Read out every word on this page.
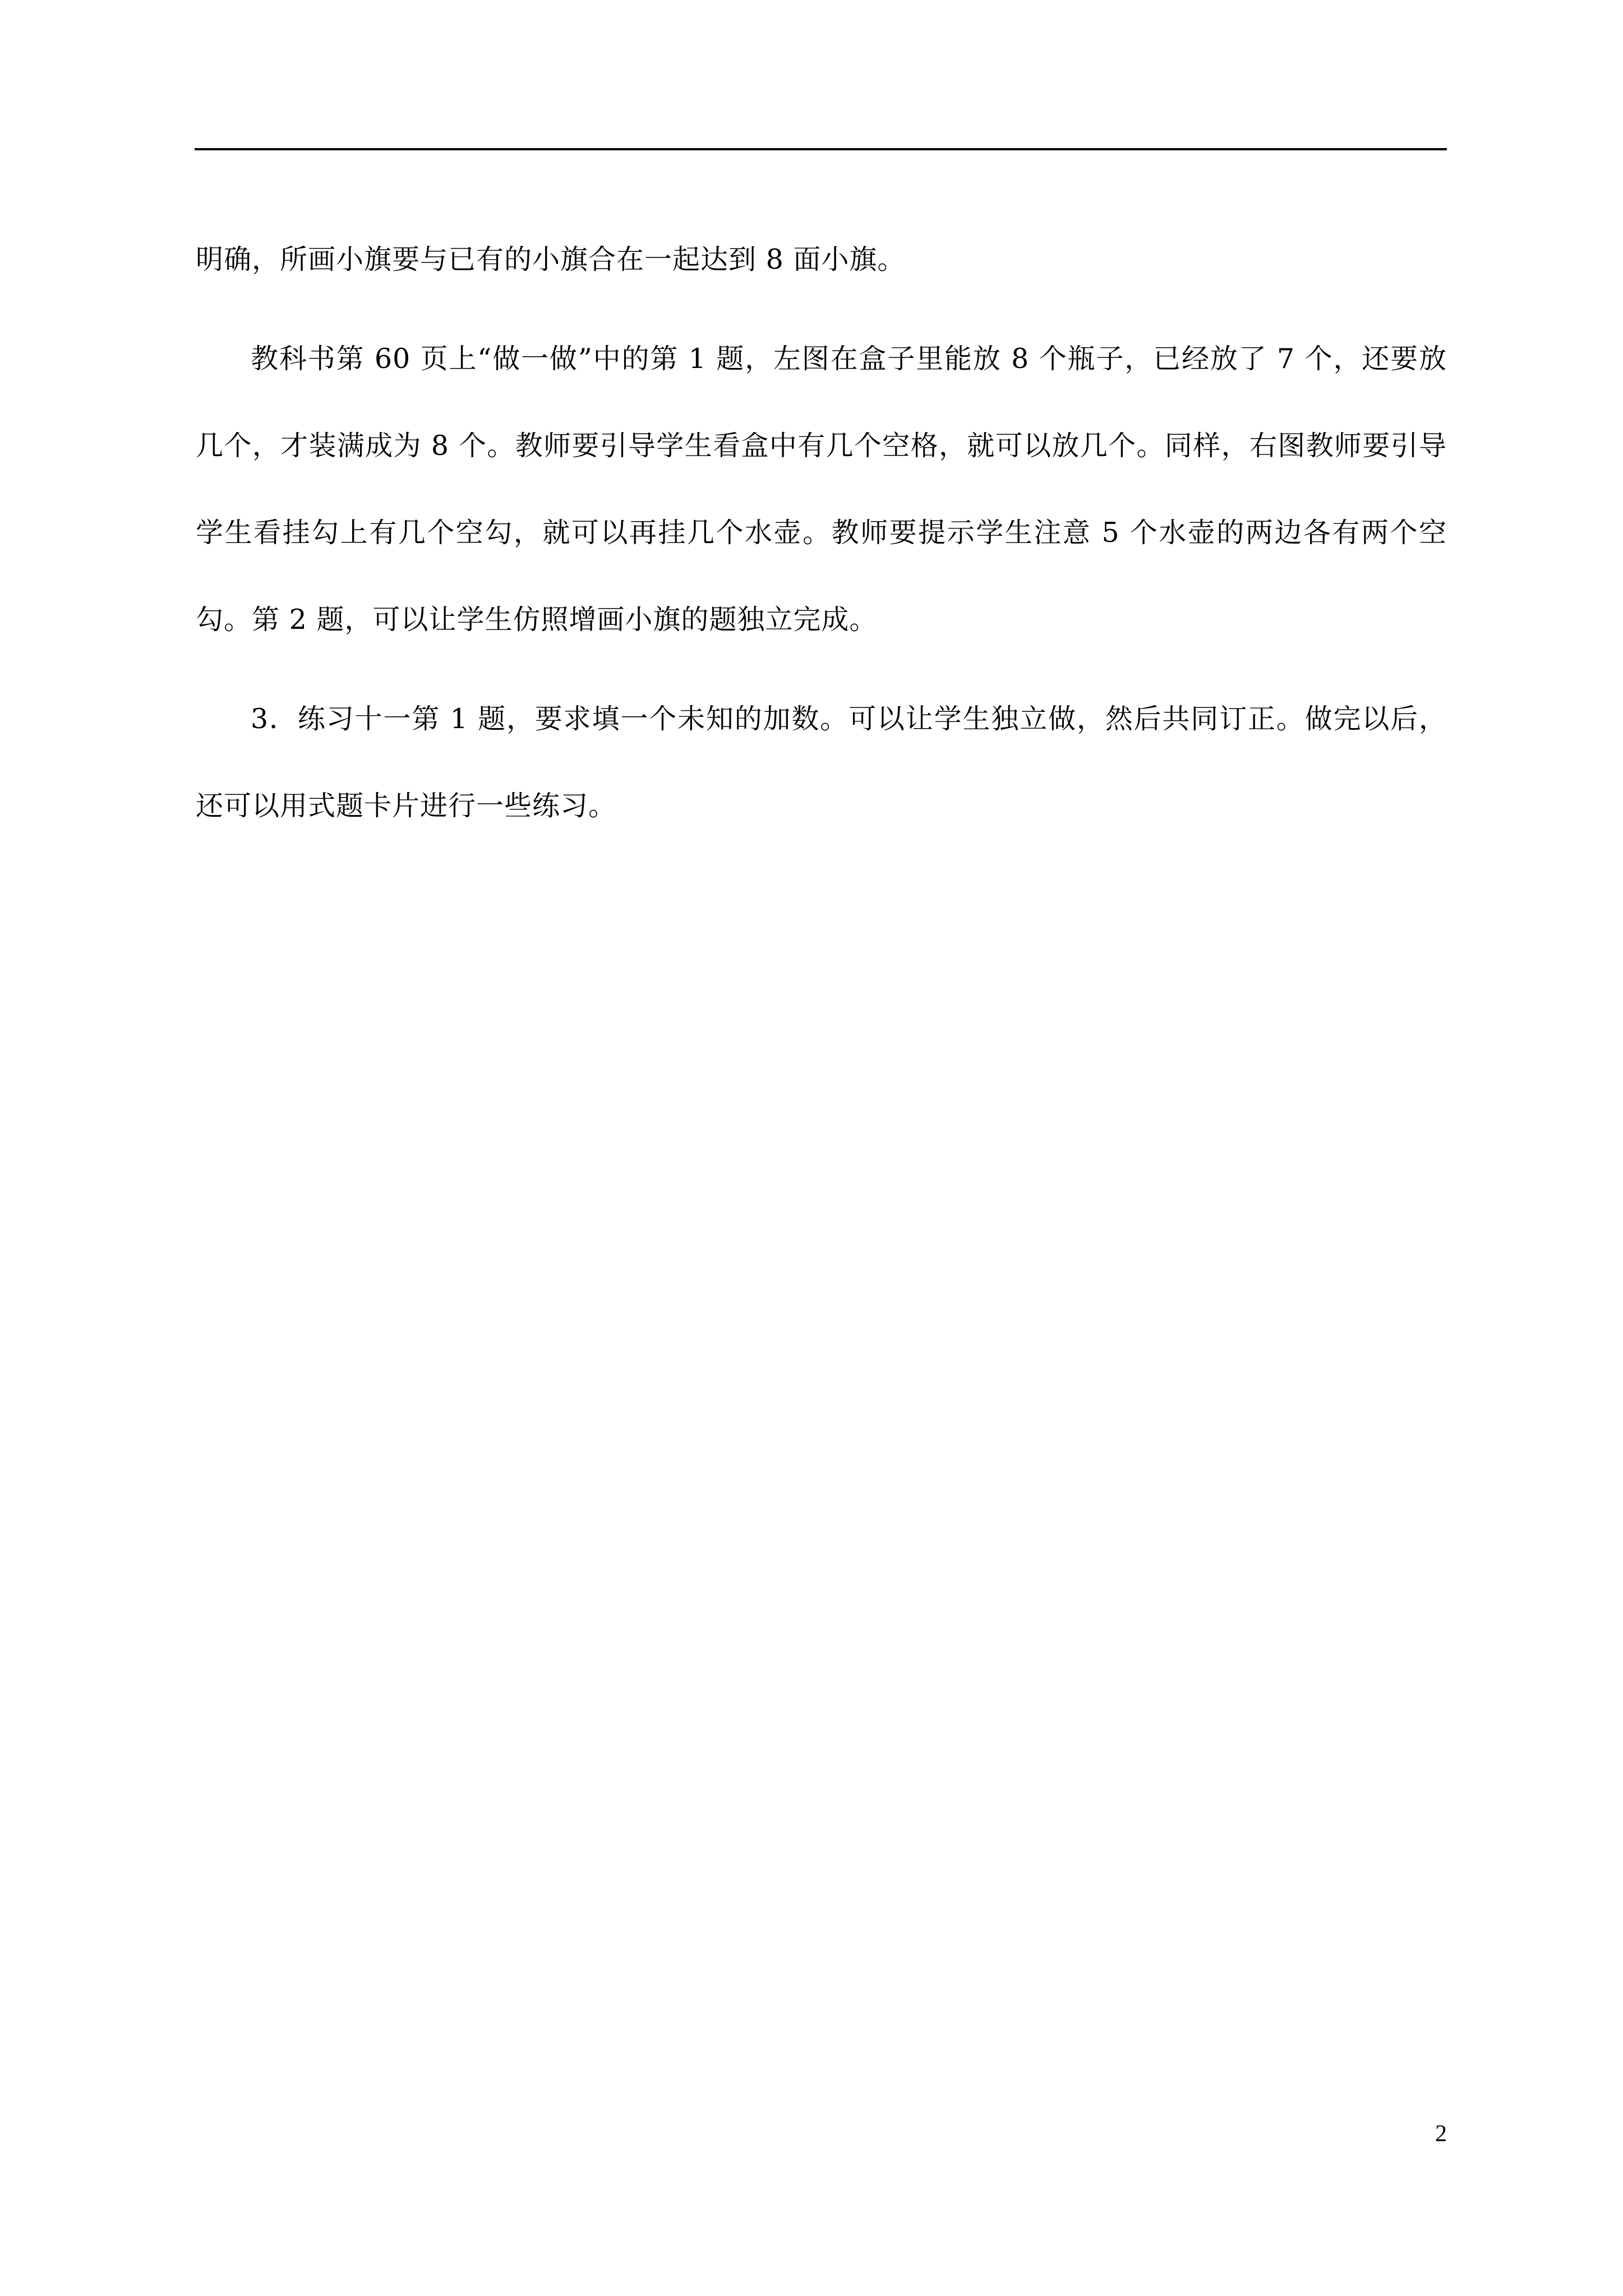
明确，所画小旗要与已有的小旗合在一起达到 8 面小旗。

教科书第 60 页上“做一做”中的第 1 题，左图在盒子里能放 8 个瓶子，已经放了 7 个，还要放几个，才装满成为 8 个。教师要引导学生看盒中有几个空格，就可以放几个。同样，右图教师要引导学生看挂勾上有几个空勾，就可以再挂几个水壶。教师要提示学生注意 5 个水壶的两边各有两个空勾。第 2 题，可以让学生仿照增画小旗的题独立完成。

3．练习十一第 1 题，要求填一个未知的加数。可以让学生独立做，然后共同订正。做完以后，还可以用式题卡片进行一些练习。

2
